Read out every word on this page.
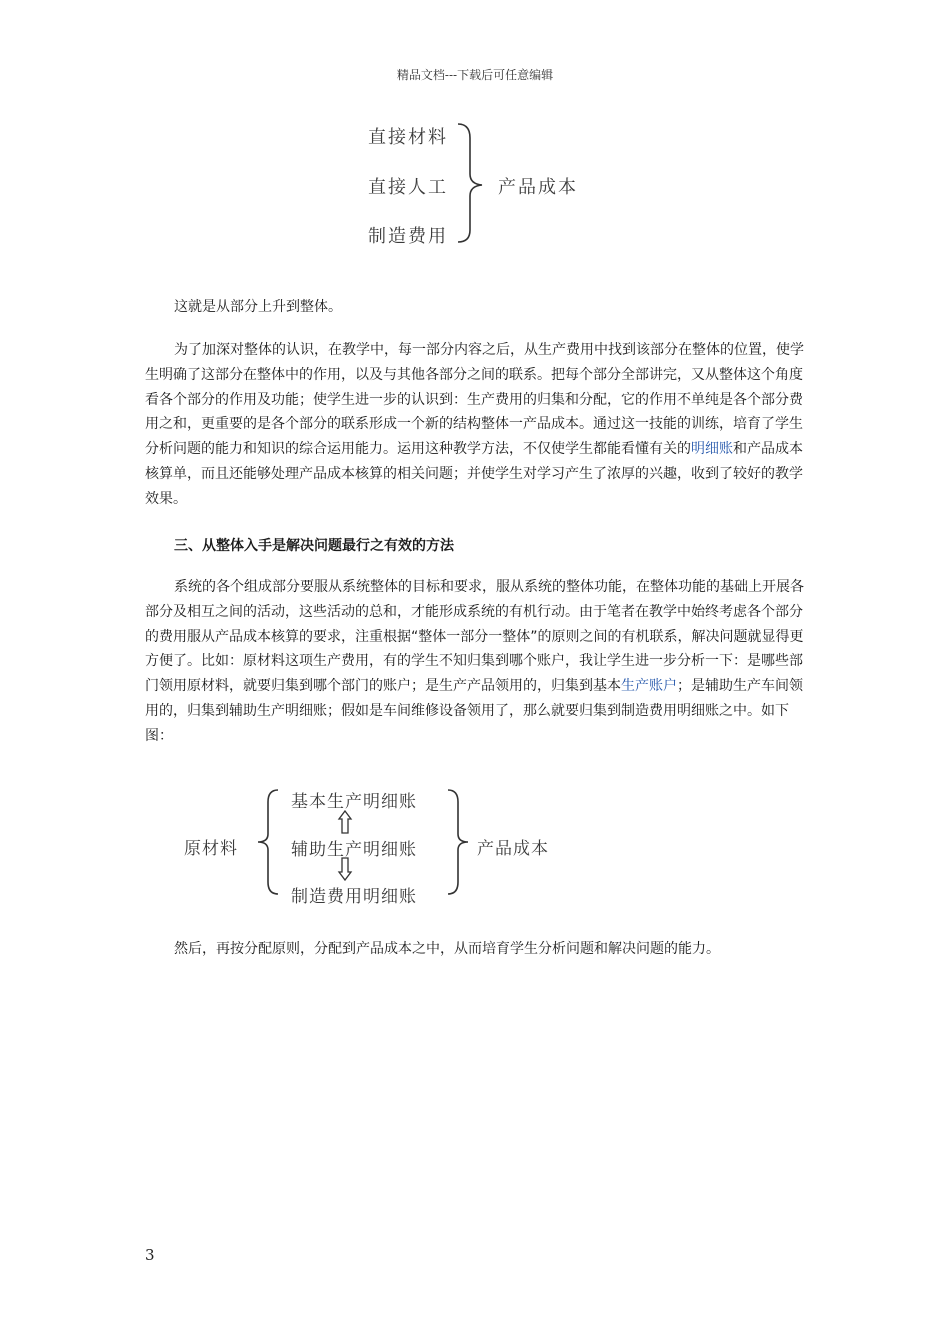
精品文档---下载后可任意编辑
直接材料
直接人工
制造费用
产品成本

这就是从部分上升到整体。

为了加深对整体的认识，在教学中，每一部分内容之后，从生产费用中找到该部分在整体的位置，使学生明确了这部分在整体中的作用，以及与其他各部分之间的联系。把每个部分全部讲完，又从整体这个角度看各个部分的作用及功能；使学生进一步的认识到：生产费用的归集和分配，它的作用不单纯是各个部分费用之和，更重要的是各个部分的联系形成一个新的结构整体一产品成本。通过这一技能的训练，培育了学生分析问题的能力和知识的综合运用能力。运用这种教学方法，不仅使学生都能看懂有关的明细账和产品成本核算单，而且还能够处理产品成本核算的相关问题；并使学生对学习产生了浓厚的兴趣，收到了较好的教学效果。

三、从整体入手是解决问题最行之有效的方法

系统的各个组成部分要服从系统整体的目标和要求，服从系统的整体功能，在整体功能的基础上开展各部分及相互之间的活动，这些活动的总和，才能形成系统的有机行动。由于笔者在教学中始终考虑各个部分的费用服从产品成本核算的要求，注重根据“整体一部分一整体”的原则之间的有机联系，解决问题就显得更方便了。比如：原材料这项生产费用，有的学生不知归集到哪个账户，我让学生进一步分析一下：是哪些部门领用原材料，就要归集到哪个部门的账户；是生产产品领用的，归集到基本生产账户；是辅助生产车间领用的，归集到辅助生产明细账；假如是车间维修设备领用了，那么就要归集到制造费用明细账之中。如下图：

原材料
基本生产明细账
辅助生产明细账
制造费用明细账
产品成本

然后，再按分配原则，分配到产品成本之中，从而培育学生分析问题和解决问题的能力。

3
